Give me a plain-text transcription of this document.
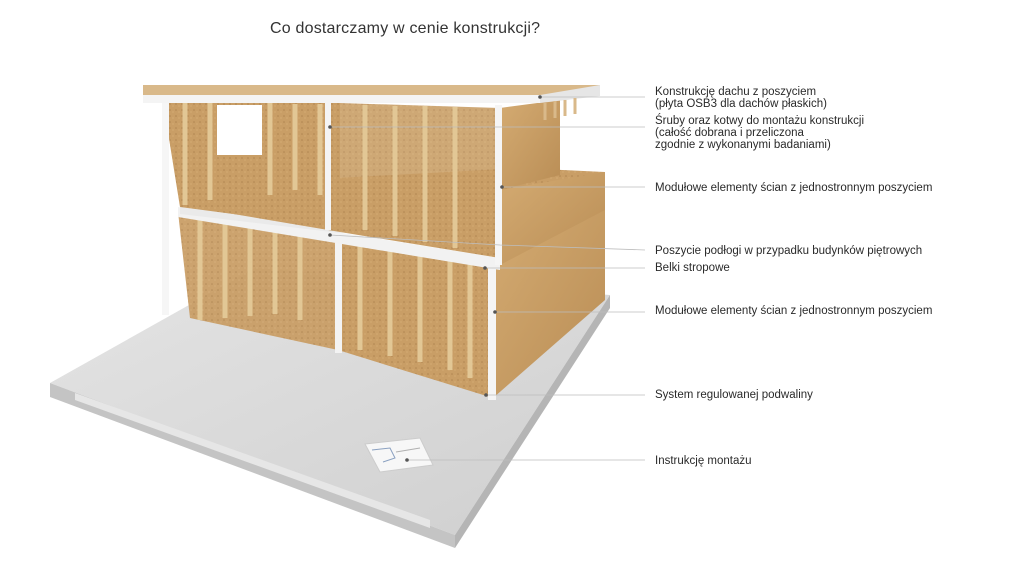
Co dostarczamy w cenie konstrukcji?
Konstrukcję dachu z poszyciem
(płyta OSB3 dla dachów płaskich)
Śruby oraz kotwy do montażu konstrukcji
(całość dobrana i przeliczona
zgodnie z wykonanymi badaniami)
Modułowe elementy ścian z jednostronnym poszyciem
Poszycie podłogi w przypadku budynków piętrowych
Belki stropowe
Modułowe elementy ścian z jednostronnym poszyciem
System regulowanej podwaliny
Instrukcję montażu
